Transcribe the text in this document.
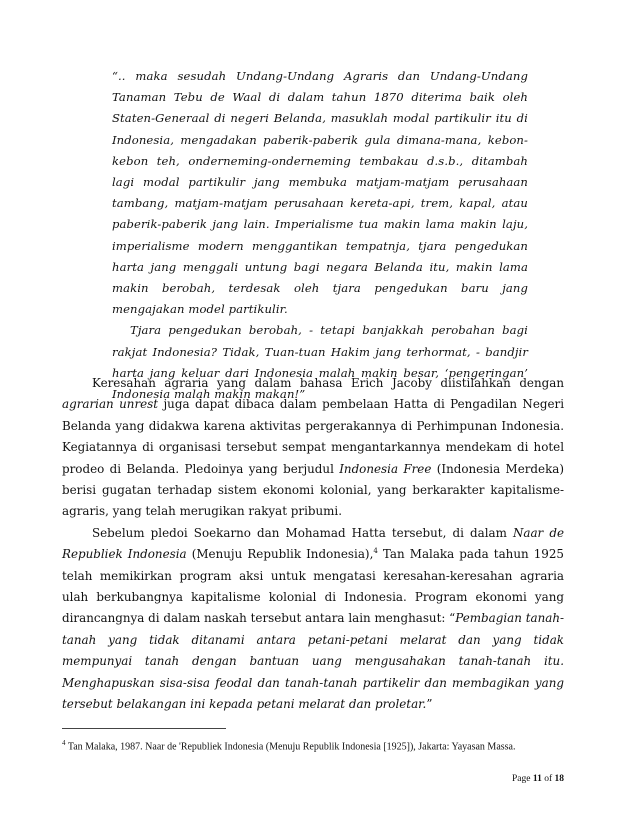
“.. maka sesudah Undang-Undang Agraris dan Undang-Undang Tanaman Tebu de Waal di dalam tahun 1870 diterima baik oleh Staten-Generaal di negeri Belanda, masuklah modal partikulir itu di Indonesia, mengadakan paberik-paberik gula dimana-mana, kebon-kebon teh, onderneming-onderneming tembakau d.s.b., ditambah lagi modal partikulir jang membuka matjam-matjam perusahaan tambang, matjam-matjam perusahaan kereta-api, trem, kapal, atau paberik-paberik jang lain. Imperialisme tua makin lama makin laju, imperialisme modern menggantikan tempatnja, tjara pengedukan harta jang menggali untung bagi negara Belanda itu, makin lama makin berobah, terdesak oleh tjara pengedukan baru jang mengajakan model partikulir.

Tjara pengedukan berobah, - tetapi banjakkah perobahan bagi rakjat Indonesia? Tidak, Tuan-tuan Hakim jang terhormat, - bandjir harta jang keluar dari Indonesia malah makin besar, ‘pengeringan’ Indonesia malah makin makan!”

Keresahan agraria yang dalam bahasa Erich Jacoby diistilahkan dengan agrarian unrest juga dapat dibaca dalam pembelaan Hatta di Pengadilan Negeri Belanda yang didakwa karena aktivitas pergerakannya di Perhimpunan Indonesia. Kegiatannya di organisasi tersebut sempat mengantarkannya mendekam di hotel prodeo di Belanda. Pledoinya yang berjudul Indonesia Free (Indonesia Merdeka) berisi gugatan terhadap sistem ekonomi kolonial, yang berkarakter kapitalisme-agraris, yang telah merugikan rakyat pribumi.

Sebelum pledoi Soekarno dan Mohamad Hatta tersebut, di dalam Naar de Republiek Indonesia (Menuju Republik Indonesia),$^4$ Tan Malaka pada tahun 1925 telah memikirkan program aksi untuk mengatasi keresahan-keresahan agraria ulah berkubangnya kapitalisme kolonial di Indonesia. Program ekonomi yang dirancangnya di dalam naskah tersebut antara lain menghasut: “Pembagian tanah-tanah yang tidak ditanami antara petani-petani melarat dan yang tidak mempunyai tanah dengan bantuan uang mengusahakan tanah-tanah itu. Menghapuskan sisa-sisa feodal dan tanah-tanah partikelir dan membagikan yang tersebut belakangan ini kepada petani melarat dan proletar.”

$^4$ Tan Malaka, 1987. Naar de 'Republiek Indonesia (Menuju Republik Indonesia [1925]), Jakarta: Yayasan Massa.
Page 11 of 18
